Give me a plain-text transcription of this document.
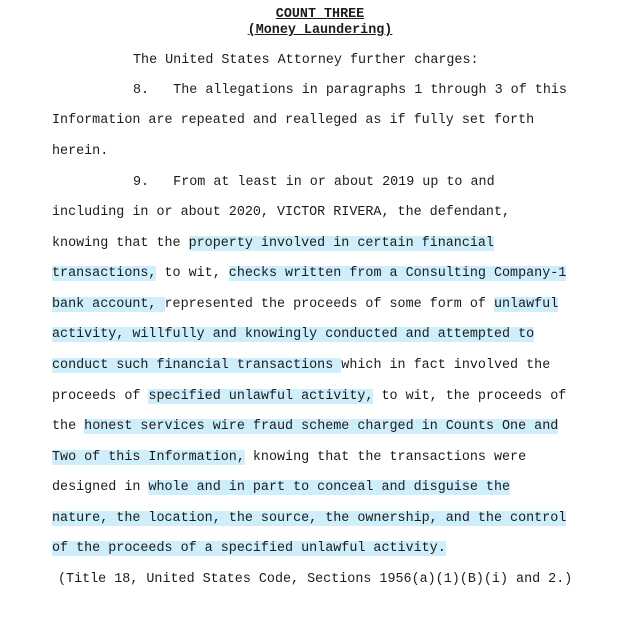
COUNT THREE
(Money Laundering)
The United States Attorney further charges:
8.   The allegations in paragraphs 1 through 3 of this
Information are repeated and realleged as if fully set forth
herein.
9.   From at least in or about 2019 up to and
including in or about 2020, VICTOR RIVERA, the defendant,
knowing that the property involved in certain financial
transactions, to wit, checks written from a Consulting Company-1
bank account, represented the proceeds of some form of unlawful
activity, willfully and knowingly conducted and attempted to
conduct such financial transactions which in fact involved the
proceeds of specified unlawful activity, to wit, the proceeds of
the honest services wire fraud scheme charged in Counts One and
Two of this Information, knowing that the transactions were
designed in whole and in part to conceal and disguise the
nature, the location, the source, the ownership, and the control
of the proceeds of a specified unlawful activity.
(Title 18, United States Code, Sections 1956(a)(1)(B)(i) and 2.)
